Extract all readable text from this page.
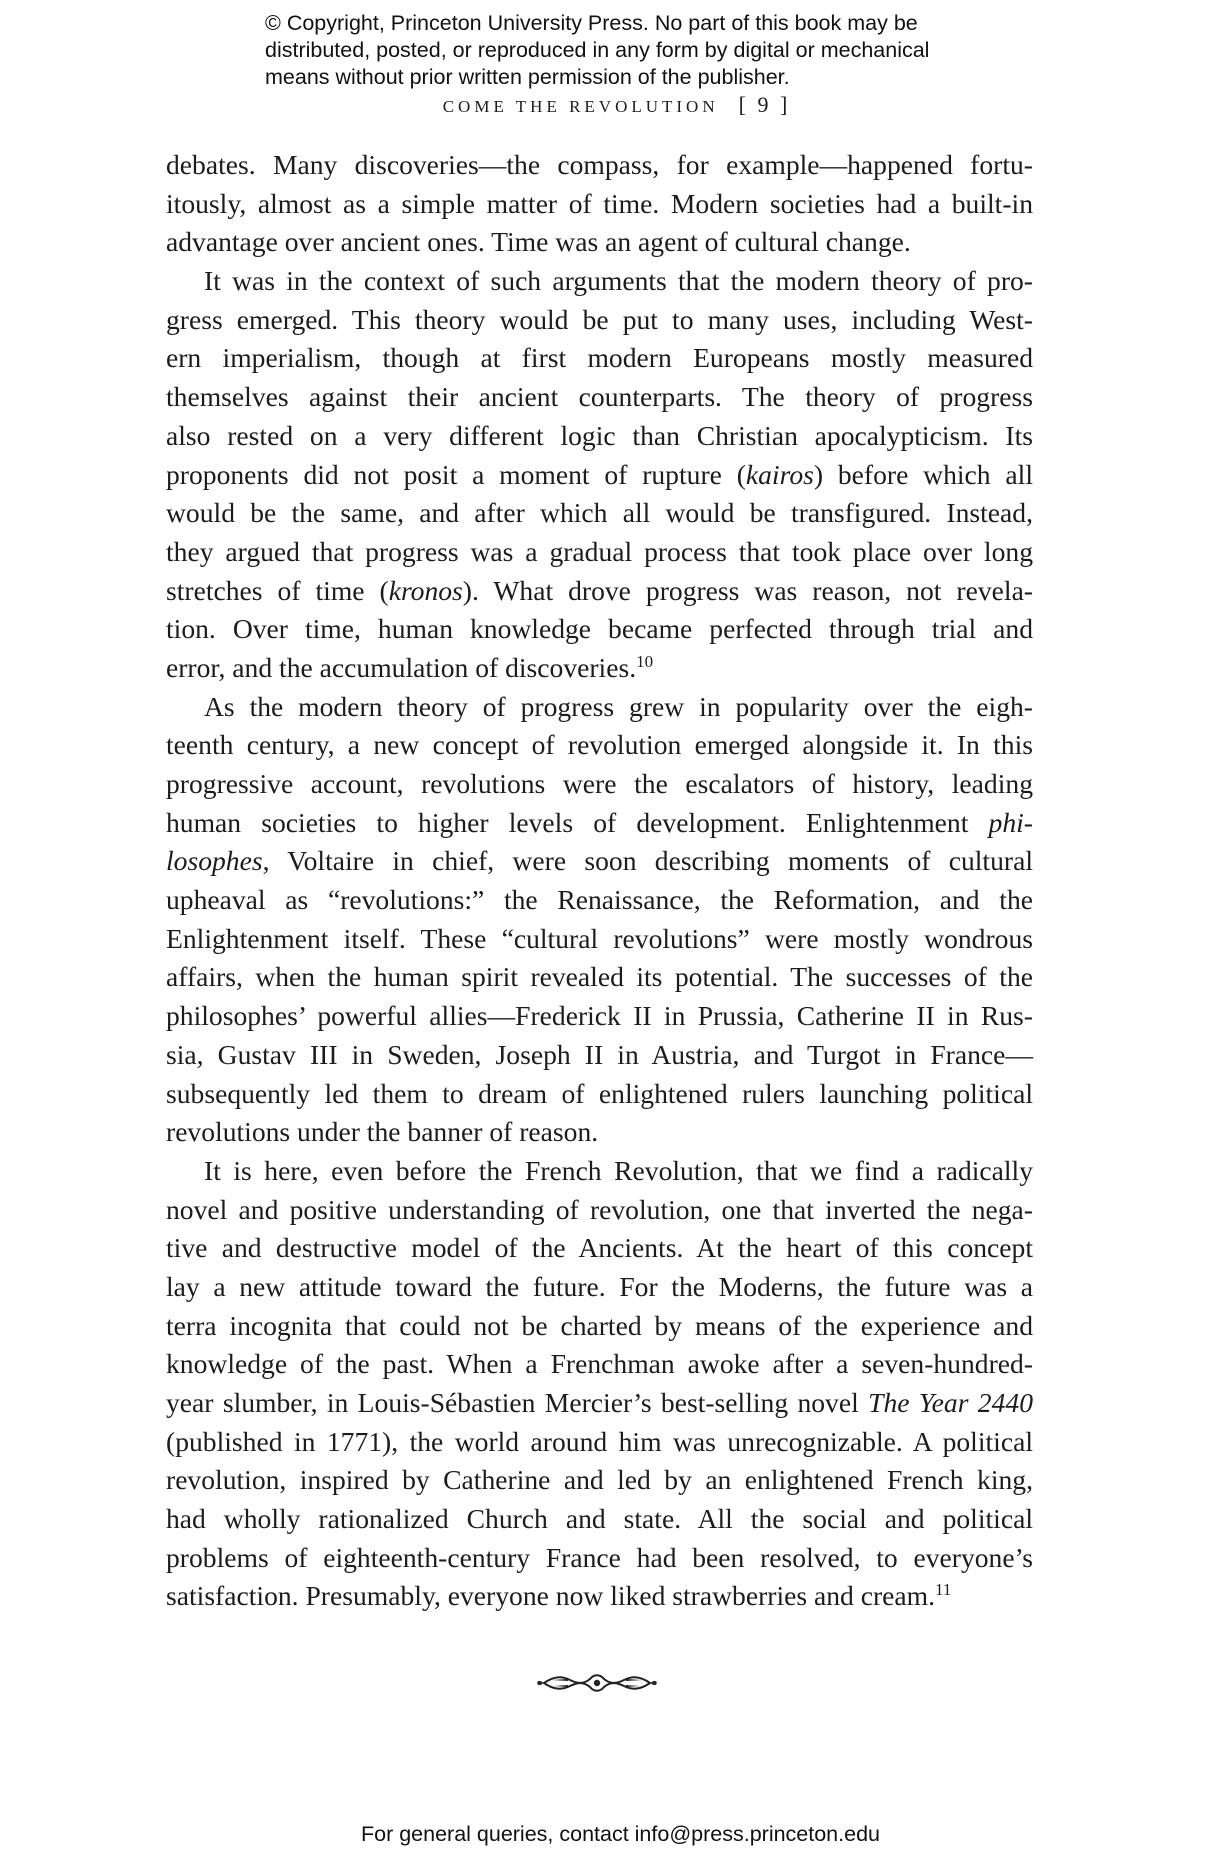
© Copyright, Princeton University Press. No part of this book may be
distributed, posted, or reproduced in any form by digital or mechanical
means without prior written permission of the publisher.
COME THE REVOLUTION [ 9 ]
debates. Many discoveries—the compass, for example—happened fortu-
itously, almost as a simple matter of time. Modern societies had a built-in
advantage over ancient ones. Time was an agent of cultural change.
It was in the context of such arguments that the modern theory of pro-
gress emerged. This theory would be put to many uses, including West-
ern imperialism, though at first modern Europeans mostly measured
themselves against their ancient counterparts. The theory of progress
also rested on a very different logic than Christian apocalypticism. Its
proponents did not posit a moment of rupture (kairos) before which all
would be the same, and after which all would be transfigured. Instead,
they argued that progress was a gradual process that took place over long
stretches of time (kronos). What drove progress was reason, not revela-
tion. Over time, human knowledge became perfected through trial and
error, and the accumulation of discoveries.$^{10}$
As the modern theory of progress grew in popularity over the eigh-
teenth century, a new concept of revolution emerged alongside it. In this
progressive account, revolutions were the escalators of history, leading
human societies to higher levels of development. Enlightenment phi-
losophes, Voltaire in chief, were soon describing moments of cultural
upheaval as “revolutions:” the Renaissance, the Reformation, and the
Enlightenment itself. These “cultural revolutions” were mostly wondrous
affairs, when the human spirit revealed its potential. The successes of the
philosophes’ powerful allies—Frederick II in Prussia, Catherine II in Rus-
sia, Gustav III in Sweden, Joseph II in Austria, and Turgot in France—
subsequently led them to dream of enlightened rulers launching political
revolutions under the banner of reason.
It is here, even before the French Revolution, that we find a radically
novel and positive understanding of revolution, one that inverted the nega-
tive and destructive model of the Ancients. At the heart of this concept
lay a new attitude toward the future. For the Moderns, the future was a
terra incognita that could not be charted by means of the experience and
knowledge of the past. When a Frenchman awoke after a seven-hundred-
year slumber, in Louis-Sébastien Mercier’s best-selling novel The Year 2440
(published in 1771), the world around him was unrecognizable. A political
revolution, inspired by Catherine and led by an enlightened French king,
had wholly rationalized Church and state. All the social and political
problems of eighteenth-century France had been resolved, to everyone’s
satisfaction. Presumably, everyone now liked strawberries and cream.$^{11}$
For general queries, contact info@press.princeton.edu
